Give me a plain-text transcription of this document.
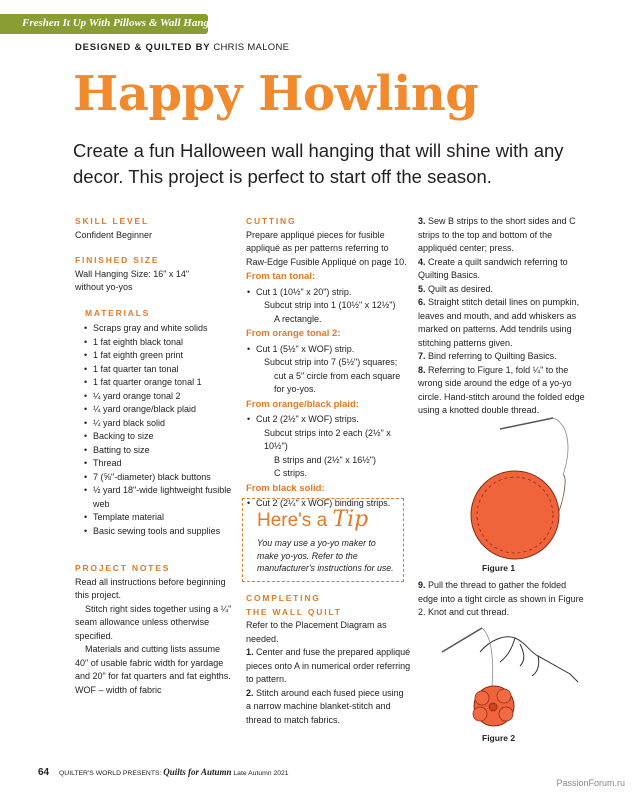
Freshen It Up With Pillows & Wall Hangings
DESIGNED & QUILTED BY CHRIS MALONE
Happy Howling
Create a fun Halloween wall hanging that will shine with any decor. This project is perfect to start off the season.

SKILL LEVEL

Confident Beginner

FINISHED SIZE

Wall Hanging Size: 16" x 14"

without yo-yos

MATERIALS

• Scraps gray and white solids
• 1 fat eighth black tonal
• 1 fat eighth green print
• 1 fat quarter tan tonal
• 1 fat quarter orange tonal 1
• ¼ yard orange tonal 2
• ¼ yard orange/black plaid
• ¼ yard black solid
• Backing to size
• Batting to size
• Thread
• 7 (⅝"-diameter) black buttons
• ½ yard 18"-wide lightweight fusible web
• Template material
• Basic sewing tools and supplies

PROJECT NOTES

Read all instructions before beginning this project.

Stitch right sides together using a ¼" seam allowance unless otherwise specified.

Materials and cutting lists assume 40" of usable fabric width for yardage and 20" for fat quarters and fat eighths.

WOF – width of fabric

CUTTING

Prepare appliqué pieces for fusible appliqué as per patterns referring to Raw-Edge Fusible Appliqué on page 10.

From tan tonal:

• Cut 1 (10½" x 20") strip.

Subcut strip into 1 (10½" x 12½")

A rectangle.

From orange tonal 2:

• Cut 1 (5½" x WOF) strip.

Subcut strip into 7 (5½") squares;

cut a 5" circle from each square

for yo-yos.

From orange/black plaid:

• Cut 2 (2½" x WOF) strips.

Subcut strips into 2 each (2½" x 10½")

B strips and (2½" x 16½")

C strips.

From black solid:

• Cut 2 (2¼" x WOF) binding strips.
Here's a Tip
You may use a yo-yo maker to make yo-yos. Refer to the manufacturer's instructions for use.

COMPLETING

THE WALL QUILT

Refer to the Placement Diagram as needed.

1. Center and fuse the prepared appliqué pieces onto A in numerical order referring to pattern.

2. Stitch around each fused piece using a narrow machine blanket-stitch and thread to match fabrics.

3. Sew B strips to the short sides and C strips to the top and bottom of the appliquéd center; press.

4. Create a quilt sandwich referring to Quilting Basics.

5. Quilt as desired.

6. Straight stitch detail lines on pumpkin, leaves and mouth, and add whiskers as marked on patterns. Add tendrils using stitching patterns given.

7. Bind referring to Quilting Basics.

8. Referring to Figure 1, fold ¼" to the wrong side around the edge of a yo-yo circle. Hand-stitch around the folded edge using a knotted double thread.

Figure 1

9. Pull the thread to gather the folded edge into a tight circle as shown in Figure 2. Knot and cut thread.

Figure 2
64 QUILTER'S WORLD PRESENTS: Quilts for Autumn Late Autumn 2021
PassionForum.ru
